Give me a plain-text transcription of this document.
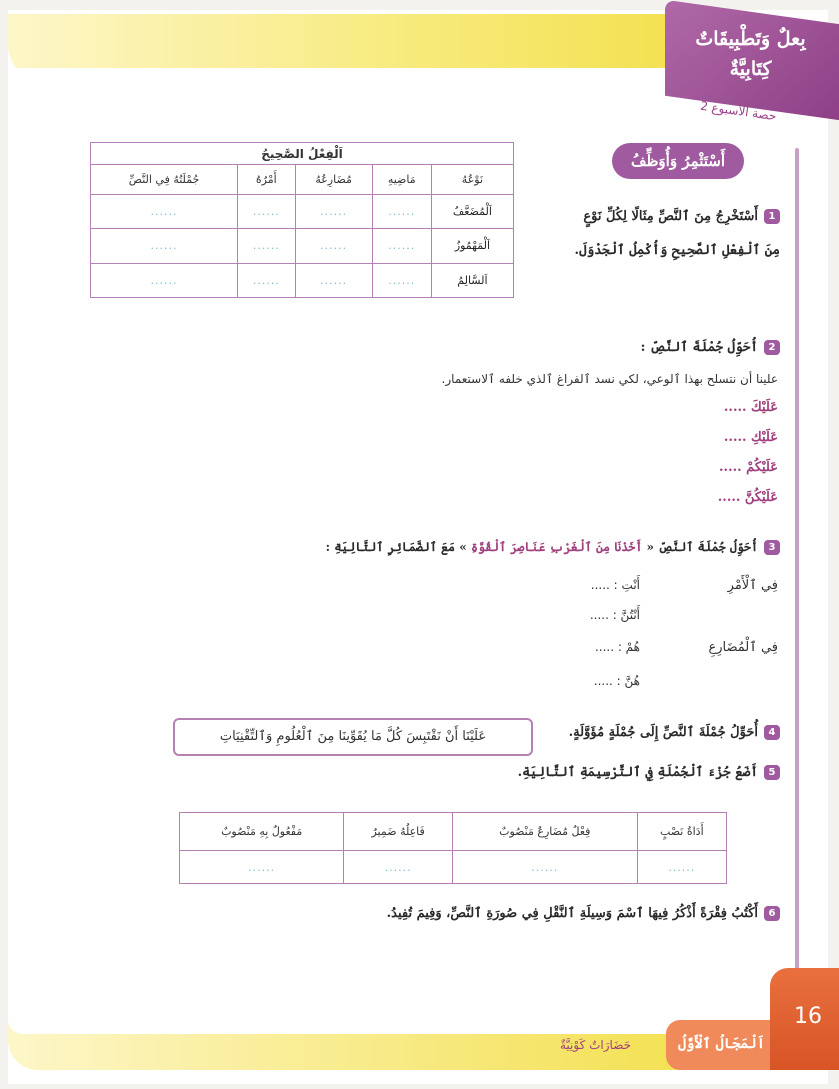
بِعلٌ وَتَطْبِيقَاتٌ
كِتَابِيَّةٌ
حصة الأسبوع 2
أَسْتَثْمِرُ وَأُوَظِّفُ
اَلْفِعْلُ الصَّحِيحُ				
جُمْلَتُهُ فِي النَّصِّ	أَمْرُهُ	مُضَارِعُهُ	مَاضِيهِ	نَوْعُهُ
......	......	......	......	اَلْمُضَعَّفُ
......	......	......	......	اَلْمَهْمُوزُ
......	......	......	......	اَلسَّالِمُ
1أَسْتَخْرِجُ مِنَ ٱلنَّصِّ مِثَالًا لِكُلِّ نَوْعٍ
مِنَ ٱلْفِعْلِ ٱلصَّحِيحِ وَأُكْمِلُ ٱلْجَدْوَلَ.
2أُحَوِّلُ جُمْلَةَ ٱلنَّصِّ :
علينا أن نتسلح بهذا ٱلوعي، لكي نسد ٱلفراغ ٱلذي خلفه ٱلاستعمار.
عَلَيْكَ .....
عَلَيْكِ .....
عَلَيْكُمْ .....
عَلَيْكُنَّ .....
3أُحَوِّلُ جُمْلَةَ ٱلنَّصِّ « أَخَذْنَا مِنَ ٱلْغَرْبِ عَنَاصِرَ ٱلْقُوَّةِ » مَعَ ٱلضَّمَائِرِ ٱلتَّالِيَةِ :
فِي ٱلْأَمْرِ
أَنْتِ : .....
أَنْتُنَّ : .....
فِي ٱلْمُضَارِعِ
هُمْ : .....
هُنَّ : .....
4أُحَوِّلُ جُمْلَةَ ٱلنَّصِّ إِلَى جُمْلَةٍ مُؤَوَّلَةٍ.
عَلَيْنَا أَنْ نَقْتَبِسَ كُلَّ مَا يُقَوِّينَا مِنَ ٱلْعُلُومِ وَٱلتِّقْنِيَاتِ
5أَضَعُ جُزْءَ ٱلْجُمْلَةِ فِي ٱلتَّرْسِيمَةِ ٱلتَّالِيَةِ.
مَفْعُولٌ بِهِ مَنْصُوبٌ	فَاعِلُهُ ضَمِيرٌ	فِعْلٌ مُضَارِعٌ مَنْصُوبٌ	أَدَاةُ نَصْبٍ
......	......	......	......
6أَكْتُبُ فِقْرَةً أَذْكُرُ فِيهَا ٱسْمَ وَسِيلَةِ ٱلنَّقْلِ فِي صُورَةِ ٱلنَّصِّ، وَفِيمَ تُفِيدُ.
اَلْمَجَالُ ٱلْأَوَّلُ
حَضَارَاتٌ كَوْنِيَّةٌ
16
